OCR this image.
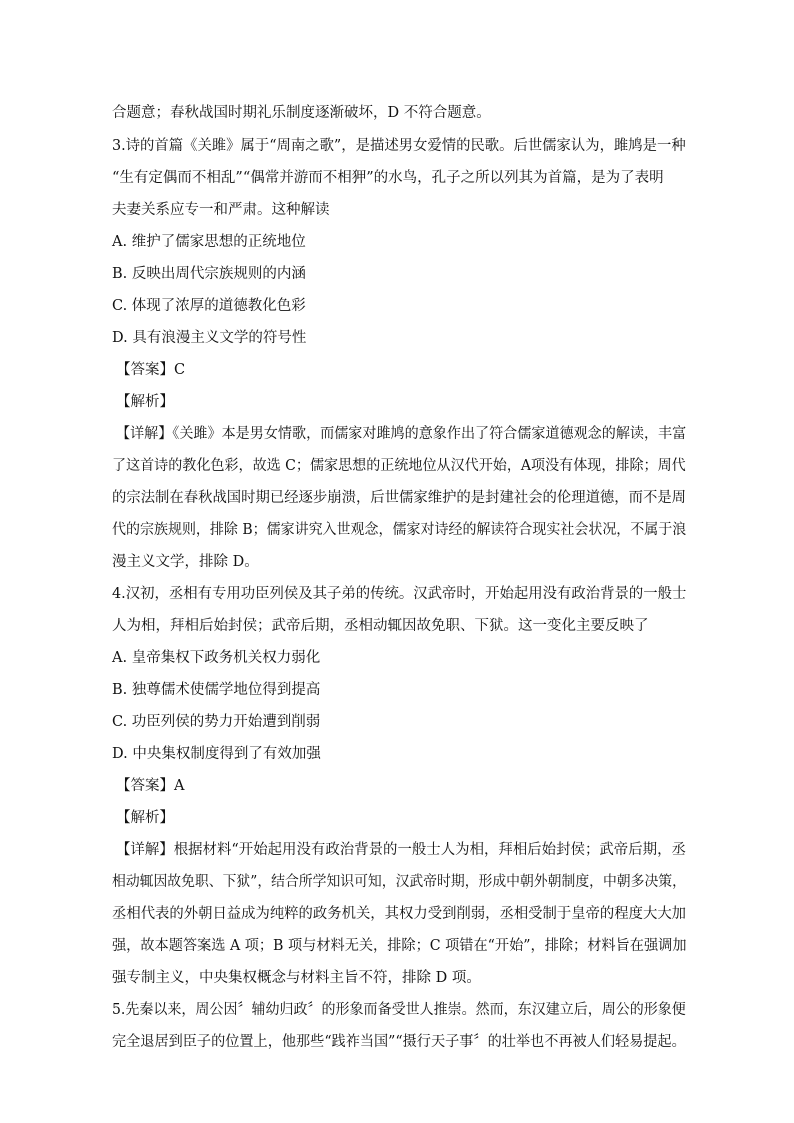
合题意；春秋战国时期礼乐制度逐渐破坏，D 不符合题意。
3.诗的首篇《关雎》属于“周南之歌”，是描述男女爱情的民歌。后世儒家认为，雎鸠是一种
“生有定偶而不相乱”“偶常并游而不相狎”的水鸟，孔子之所以列其为首篇，是为了表明
夫妻关系应专一和严肃。这种解读
A. 维护了儒家思想的正统地位
B. 反映出周代宗族规则的内涵
C. 体现了浓厚的道德教化色彩
D. 具有浪漫主义文学的符号性
【答案】C
【解析】
【详解】《关雎》本是男女情歌，而儒家对雎鸠的意象作出了符合儒家道德观念的解读，丰富
了这首诗的教化色彩，故选 C；儒家思想的正统地位从汉代开始，A项没有体现，排除；周代
的宗法制在春秋战国时期已经逐步崩溃，后世儒家维护的是封建社会的伦理道德，而不是周
代的宗族规则，排除 B；儒家讲究入世观念，儒家对诗经的解读符合现实社会状况，不属于浪
漫主义文学，排除 D。
4.汉初，丞相有专用功臣列侯及其子弟的传统。汉武帝时，开始起用没有政治背景的一般士
人为相，拜相后始封侯；武帝后期，丞相动辄因故免职、下狱。这一变化主要反映了
A. 皇帝集权下政务机关权力弱化
B. 独尊儒术使儒学地位得到提高
C. 功臣列侯的势力开始遭到削弱
D. 中央集权制度得到了有效加强
【答案】A
【解析】
【详解】根据材料“开始起用没有政治背景的一般士人为相，拜相后始封侯；武帝后期，丞
相动辄因故免职、下狱”，结合所学知识可知，汉武帝时期，形成中朝外朝制度，中朝多决策，
丞相代表的外朝日益成为纯粹的政务机关，其权力受到削弱，丞相受制于皇帝的程度大大加
强，故本题答案选 A 项；B 项与材料无关，排除；C 项错在“开始”，排除；材料旨在强调加
强专制主义，中央集权概念与材料主旨不符，排除 D 项。
5.先秦以来，周公因〞辅幼归政〞的形象而备受世人推崇。然而，东汉建立后，周公的形象便
完全退居到臣子的位置上，他那些“践祚当国”“摄行天子事〞的壮举也不再被人们轻易提起。
